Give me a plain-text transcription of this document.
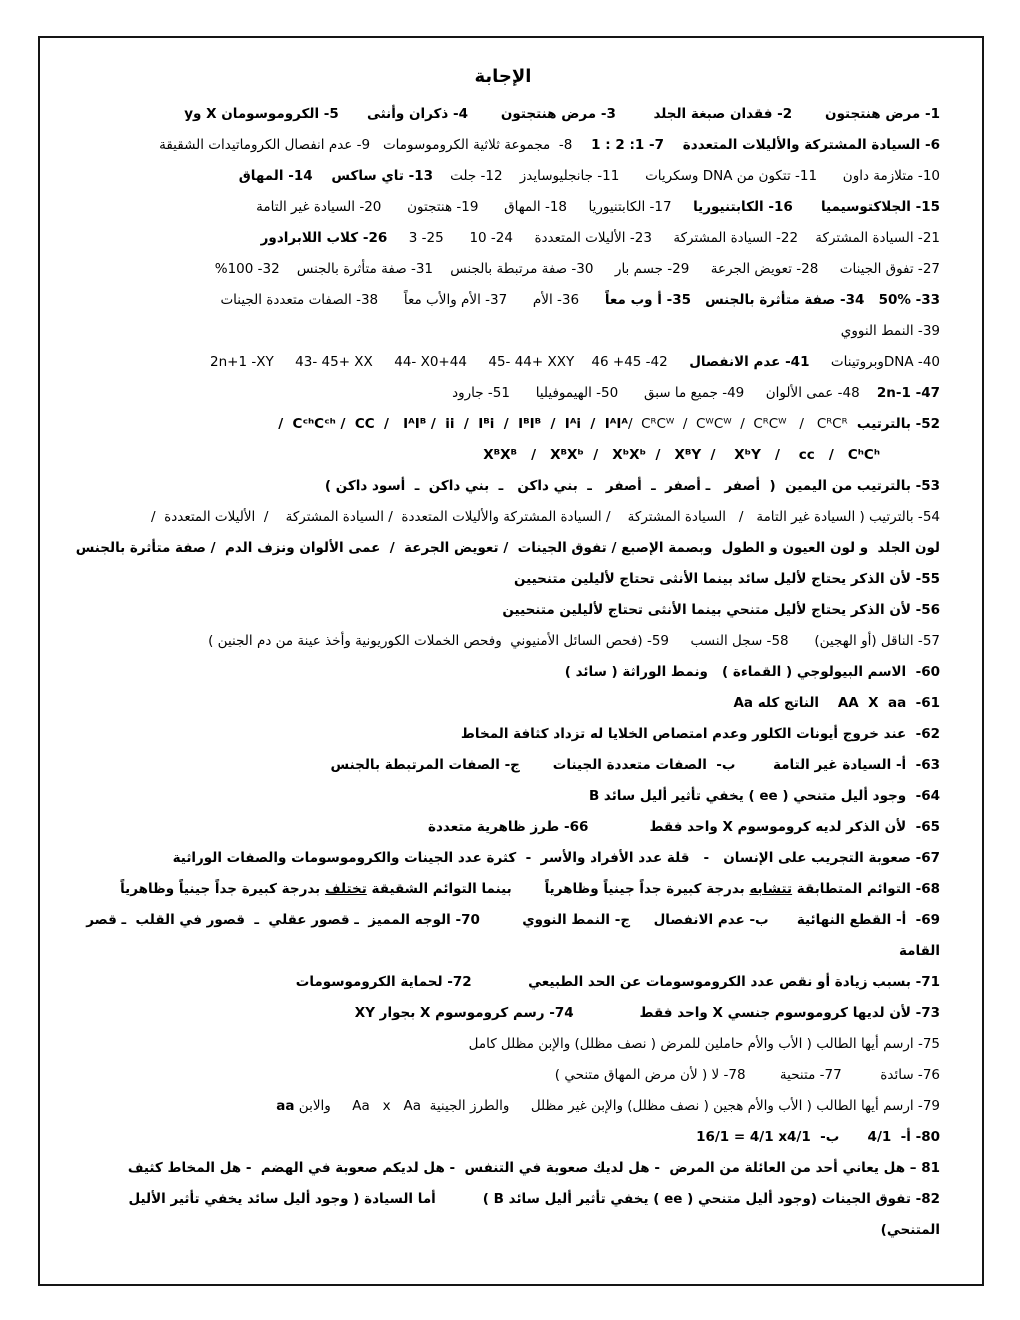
الإجابة

1- مرض هنتجتون       2- فقدان صبغة الجلد        3- مرض هنتجتون       4- ذكران وأنثى      5- الكروموسومان X وy

6- السيادة المشتركة والأليلات المتعددة    7- 1: 2 : 1    8-  مجموعة ثلاثية الكروموسومات   9- عدم انفصال الكروماتيدات الشقيقة

10- متلازمة داون      11- تتكون من DNA وسكريات      11- جانجليوسايدز    12- جلت    13- تاي ساكس    14- المهاق

15- الجلاكتوسيميا      16- الكابتنيوريا     17- الكابتنيوريا     18- المهاق      19- هنتجتون      20- السيادة غير التامة

21- السيادة المشتركة    22- السيادة المشتركة     23- الأليلات المتعددة     24- 10      25- 3     26- كلاب اللابرادور

27- تفوق الجينات     28- تعويض الجرعة     29- جسم بار     30- صفة مرتبطة بالجنس    31- صفة متأثرة بالجنس    32- 100%

33- 50%   34- صفة متأثرة بالجنس   35- أ وب معاً      36- الأم      37- الأم والأب معاً      38- الصفات متعددة الجينات

39- النمط النووي

40- DNAوبروتينات     41- عدم الانفصال     42- 45+ XY     43- 45+ XX     44- X0+44     45- 44+ XXY    46- 2n+1

47- 2n-1    48- عمى الألوان     49- جميع ما سبق      50- الهيموفيليا      51- جارود

52- بالترتيب  /  CᴿCᵂ  /  CᵂCᵂ  /  CᴿCᵂ   /   CᴿCᴿ/  CᶜʰCᶜʰ /  CC  /   IᴬIᴮ /  ii  /  Iᴮi  /  IᴮIᴮ  /  Iᴬi  /  IᴬIᴬ

XᴮXᴮ   /   XᴮXᵇ  /   XᵇXᵇ  /   XᴮY  /    XᵇY   /    cc   /   CʰCʰ

53- بالترتيب من اليمين  (  أصفر   ـ أصفر  ـ  أصفر   ـ  بني داكن   ـ  بني داكن  ـ  أسود داكن )

54- بالترتيب ( السيادة غير التامة   /   السيادة المشتركة    / السيادة المشتركة والأليلات المتعددة  / السيادة المشتركة    /  الأليلات المتعددة  /

لون الجلد  و لون العيون و الطول  وبصمة الإصبع / تفوق الجينات  / تعويض الجرعة  /  عمى الألوان ونزف الدم  / صفة متأثرة بالجنس

55- لأن الذكر يحتاج لأليل سائد بينما الأنثى تحتاج لأليلين متنحيين

56- لأن الذكر يحتاج لأليل متنحي بينما الأنثى تحتاج لأليلين متنحيين

57- الناقل (أو الهجين)      58- سجل النسب     59- (فحص السائل الأمنيوني  وفحص الخملات الكوريونية وأخذ عينة من دم الجنين )

60-  الاسم البيولوجي ( القماءة )   ونمط الوراثة ( سائد )

61-  AA  X  aa    الناتج كله Aa

62-  عند خروج أيونات الكلور وعدم امتصاص الخلايا له تزداد كثافة المخاط

63-  أ- السيادة غير التامة        ب-  الصفات متعددة الجينات       ج- الصفات المرتبطة بالجنس

64-  وجود أليل متنحي ( ee ) يخفي تأثير أليل سائد B

65-  لأن الذكر لديه كروموسوم X واحد فقط             66- طرز ظاهرية متعددة

67- صعوبة التجريب على الإنسان   -   قلة عدد الأفراد والأسر  -  كثرة عدد الجينات والكروموسومات والصفات الوراثية

68- التوائم المتطابقة تتشابه بدرجة كبيرة جداً جينياً وظاهرياً       بينما التوائم الشقيقة تختلف بدرجة كبيرة جداً جينياً وظاهرياً

69-  أ- القطع النهائية      ب- عدم الانفصال     ج- النمط النووي         70- الوجه المميز  ـ قصور عقلي  ـ  قصور في القلب  ـ قصر القامة

71- بسبب زيادة أو نقص عدد الكروموسومات عن الحد الطبيعي            72- لحماية الكروموسومات

73- لأن لديها كروموسوم جنسي X واحد فقط              74- رسم كروموسوم X بجوار XY

75- ارسم أيها الطالب ( الأب والأم حاملين للمرض ( نصف مظلل) والإبن مظلل كامل

76- سائدة         77- متنحية        78- لا ( لأن مرض المهاق متنحي )

79- ارسم أيها الطالب ( الأب والأم هجين ( نصف مظلل) والإبن غير مظلل     والطرز الجينية  Aa   x   Aa     والابن aa

80- أ-  4/1      ب-  16/1 = 4/1 x4/1

81 – هل يعاني أحد من العائلة من المرض  - هل لديك صعوبة في التنفس  - هل لديكم صعوبة في الهضم  - هل المخاط كثيف

82- تفوق الجينات (وجود أليل متنحي ( ee ) يخفي تأثير أليل سائد B )          أما السيادة ( وجود أليل سائد يخفي تأثير الأليل المتنحي)
